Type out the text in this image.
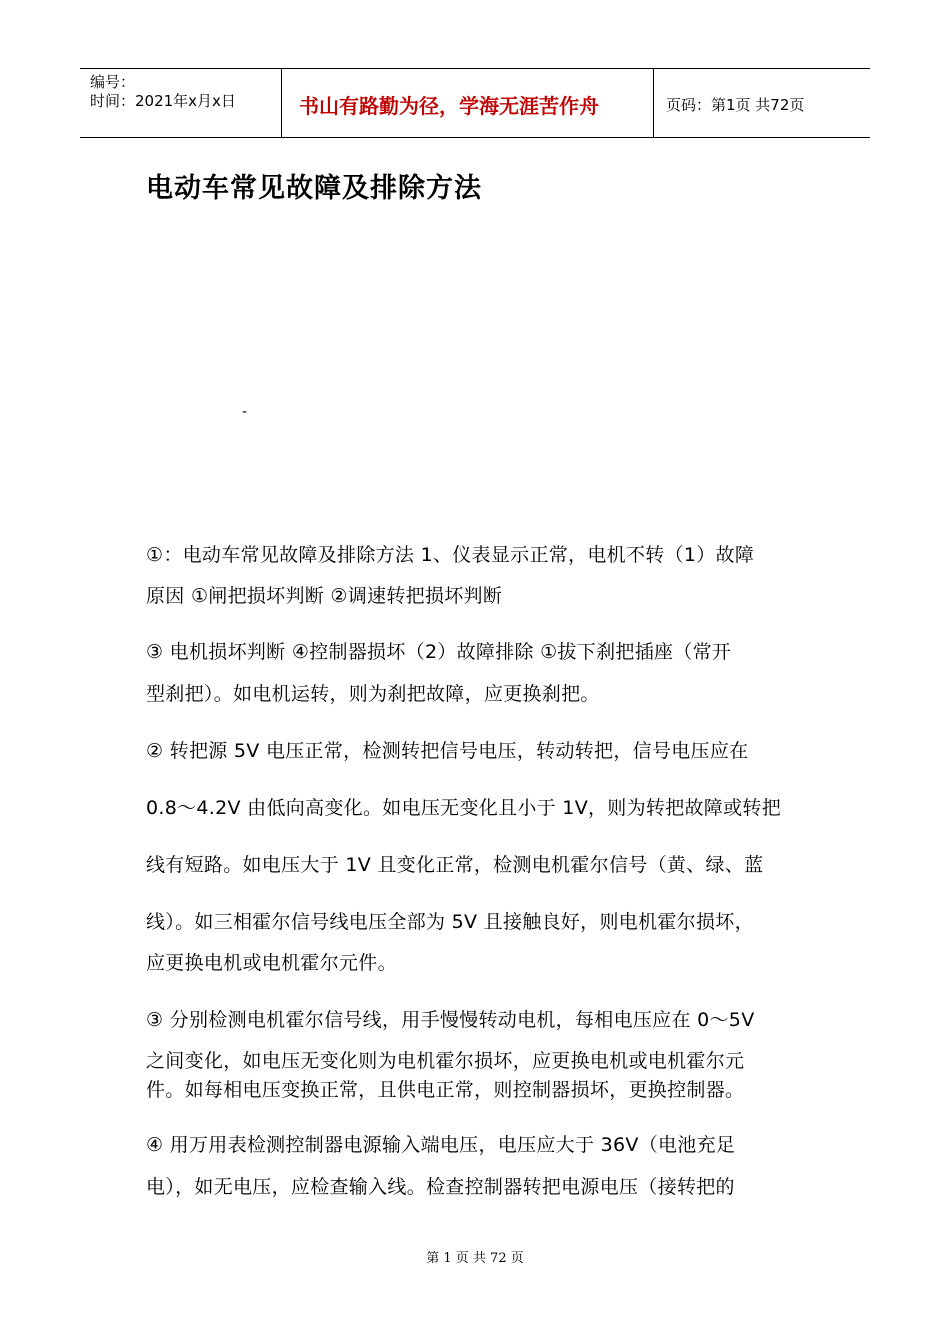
编号：
时间：2021年x月x日	书山有路勤为径，学海无涯苦作舟	页码：第1页 共72页
电动车常见故障及排除方法
-
①：电动车常见故障及排除方法 1、仪表显示正常，电机不转（1）故障
原因 ①闸把损坏判断 ②调速转把损坏判断
③ 电机损坏判断 ④控制器损坏（2）故障排除 ①拔下刹把插座（常开
型刹把）。如电机运转，则为刹把故障，应更换刹把。
② 转把源 5V 电压正常，检测转把信号电压，转动转把，信号电压应在
0.8～4.2V 由低向高变化。如电压无变化且小于 1V，则为转把故障或转把
线有短路。如电压大于 1V 且变化正常，检测电机霍尔信号（黄、绿、蓝
线）。如三相霍尔信号线电压全部为 5V 且接触良好，则电机霍尔损坏，
应更换电机或电机霍尔元件。
③ 分别检测电机霍尔信号线，用手慢慢转动电机，每相电压应在 0～5V
之间变化，如电压无变化则为电机霍尔损坏，应更换电机或电机霍尔元
件。如每相电压变换正常，且供电正常，则控制器损坏，更换控制器。
④ 用万用表检测控制器电源输入端电压，电压应大于 36V（电池充足
电），如无电压，应检查输入线。检查控制器转把电源电压（接转把的
第 1 页 共 72 页
